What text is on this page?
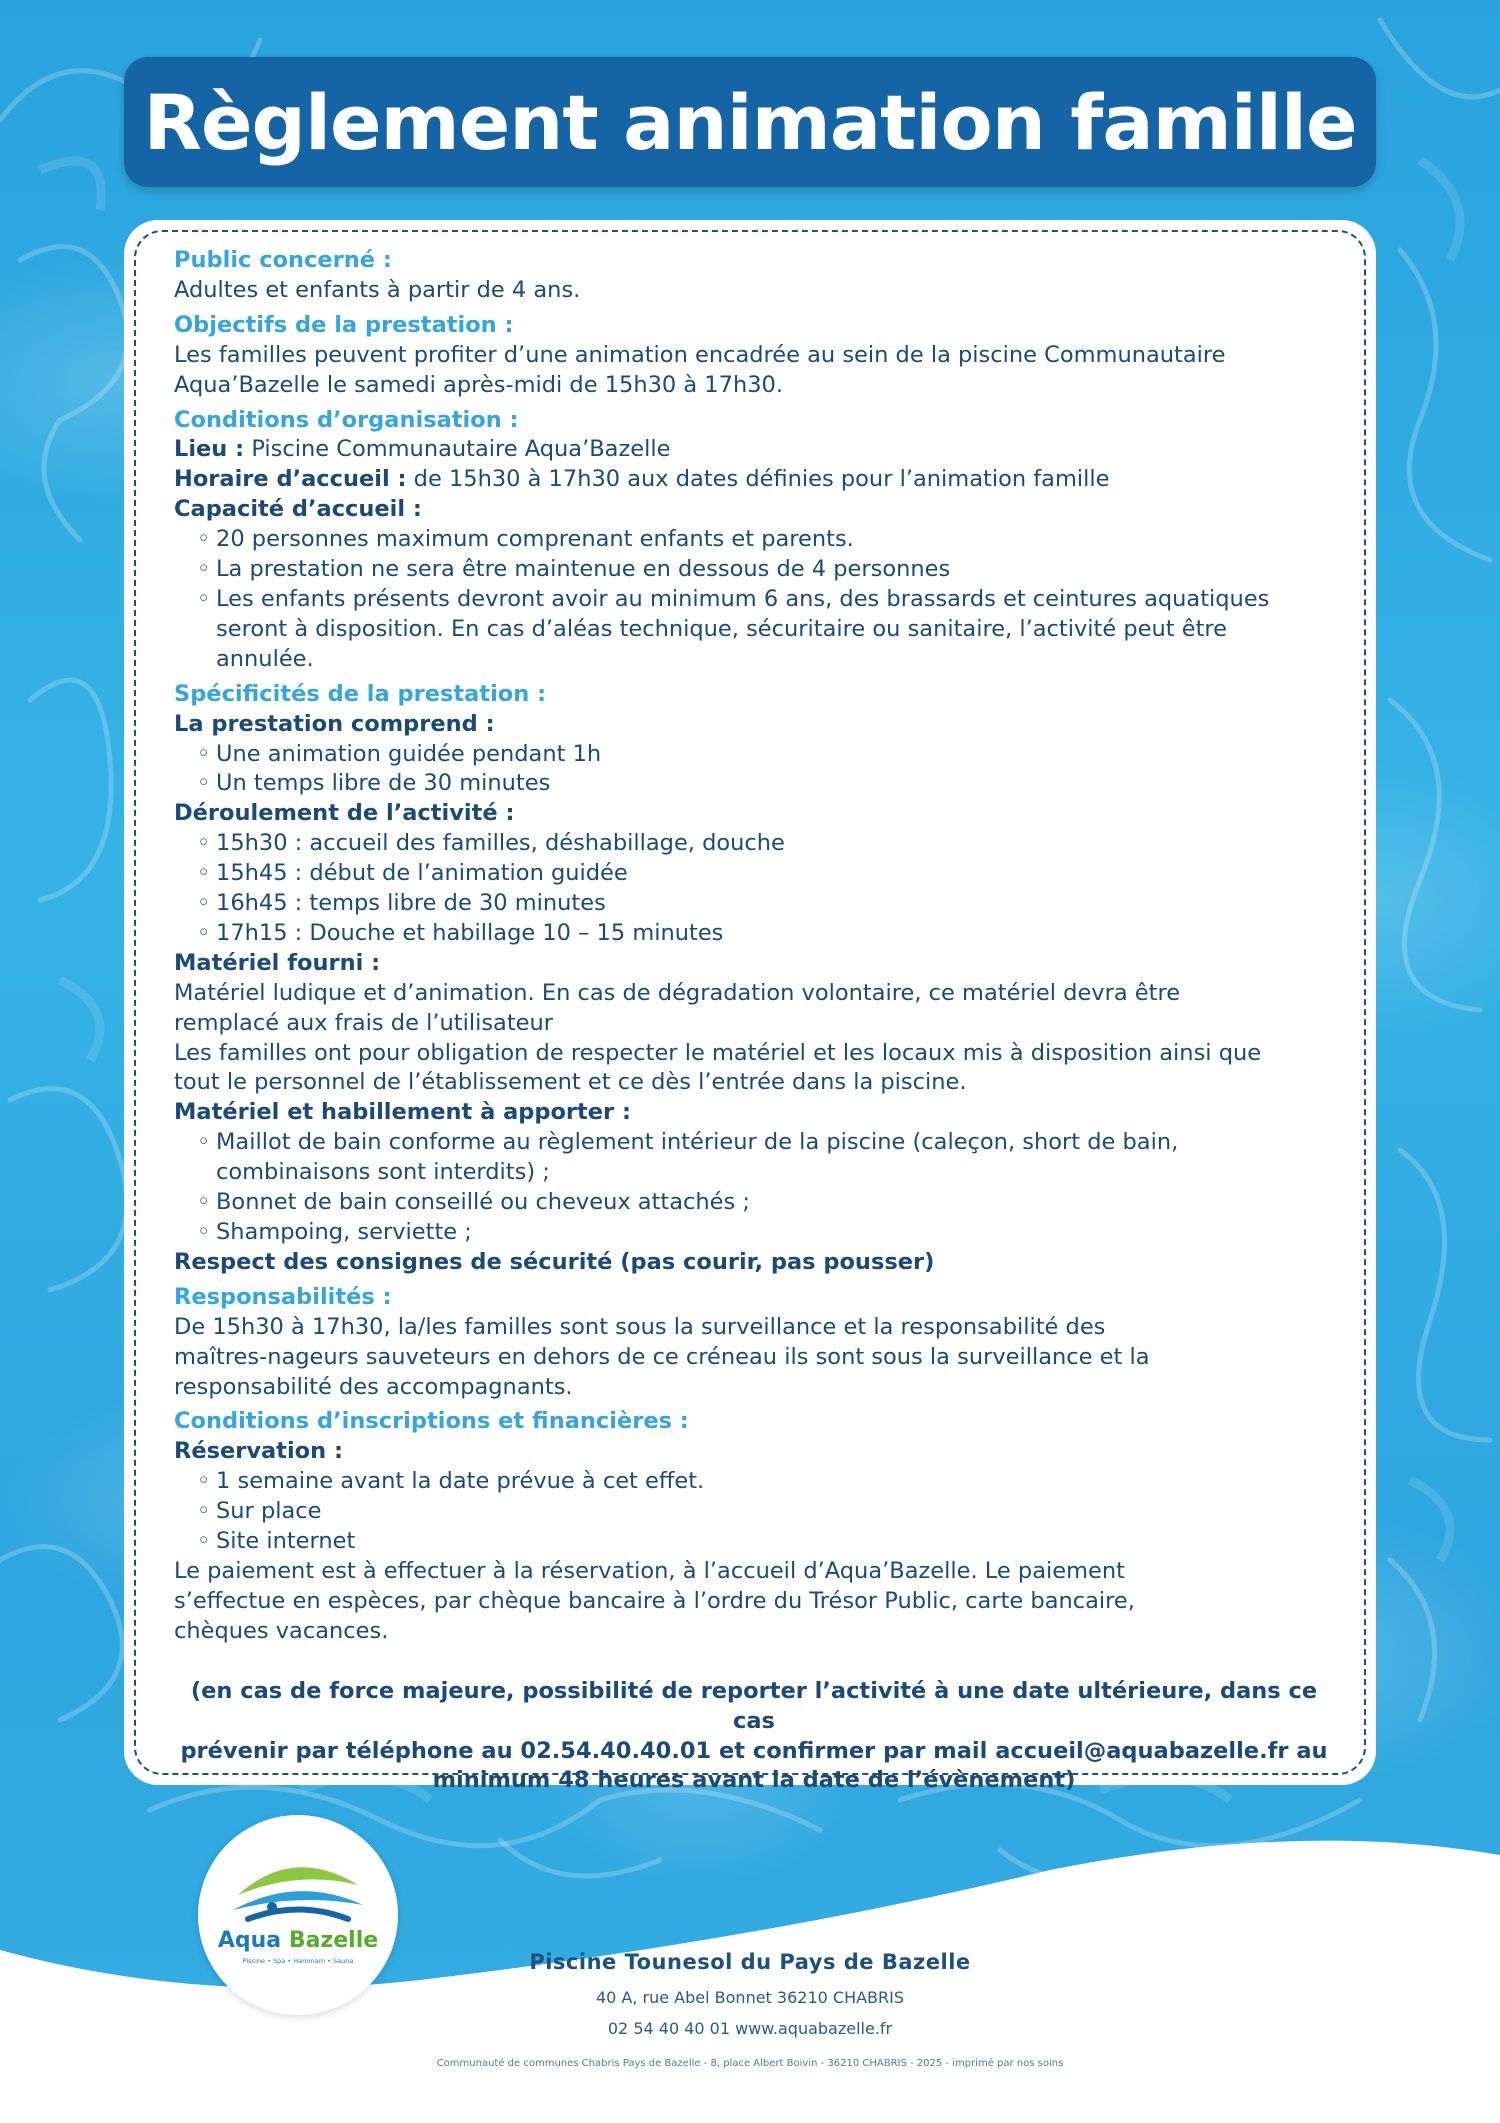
Règlement animation famille

Public concerné :

Adultes et enfants à partir de 4 ans.

Objectifs de la prestation :

Les familles peuvent profiter d’une animation encadrée au sein de la piscine Communautaire

Aqua’Bazelle le samedi après-midi de 15h30 à 17h30.

Conditions d’organisation :

Lieu : Piscine Communautaire Aqua’Bazelle

Horaire d’accueil : de 15h30 à 17h30 aux dates définies pour l’animation famille

Capacité d’accueil :

◦ 20 personnes maximum comprenant enfants et parents.
◦ La prestation ne sera être maintenue en dessous de 4 personnes
◦ Les enfants présents devront avoir au minimum 6 ans, des brassards et ceintures aquatiques
seront à disposition. En cas d’aléas technique, sécuritaire ou sanitaire, l’activité peut être
annulée.

Spécificités de la prestation :

La prestation comprend :

◦ Une animation guidée pendant 1h
◦ Un temps libre de 30 minutes

Déroulement de l’activité :

◦ 15h30 : accueil des familles, déshabillage, douche
◦ 15h45 : début de l’animation guidée
◦ 16h45 : temps libre de 30 minutes
◦ 17h15 : Douche et habillage 10 – 15 minutes

Matériel fourni :

Matériel ludique et d’animation. En cas de dégradation volontaire, ce matériel devra être

remplacé aux frais de l’utilisateur

Les familles ont pour obligation de respecter le matériel et les locaux mis à disposition ainsi que

tout le personnel de l’établissement et ce dès l’entrée dans la piscine.

Matériel et habillement à apporter :

◦ Maillot de bain conforme au règlement intérieur de la piscine (caleçon, short de bain,
combinaisons sont interdits) ;
◦ Bonnet de bain conseillé ou cheveux attachés ;
◦ Shampoing, serviette ;

Respect des consignes de sécurité (pas courir, pas pousser)

Responsabilités :

De 15h30 à 17h30, la/les familles sont sous la surveillance et la responsabilité des

maîtres-nageurs sauveteurs en dehors de ce créneau ils sont sous la surveillance et la

responsabilité des accompagnants.

Conditions d’inscriptions et financières :

Réservation :

◦ 1 semaine avant la date prévue à cet effet.
◦ Sur place
◦ Site internet

Le paiement est à effectuer à la réservation, à l’accueil d’Aqua’Bazelle. Le paiement

s’effectue en espèces, par chèque bancaire à l’ordre du Trésor Public, carte bancaire,

chèques vacances.

(en cas de force majeure, possibilité de reporter l’activité à une date ultérieure, dans ce cas
prévenir par téléphone au 02.54.40.40.01 et confirmer par mail accueil@aquabazelle.fr au
minimum 48 heures avant la date de l’évènement)
Aqua Bazelle
Piscine • Spa • Hammam • Sauna	Piscine Tounesol du Pays de Bazelle
40 A, rue Abel Bonnet 36210 CHABRIS
02 54 40 40 01 www.aquabazelle.fr
Communauté de communes Chabris Pays de Bazelle - 8, place Albert Boivin - 36210 CHABRIS - 2025 - imprimé par nos soins
